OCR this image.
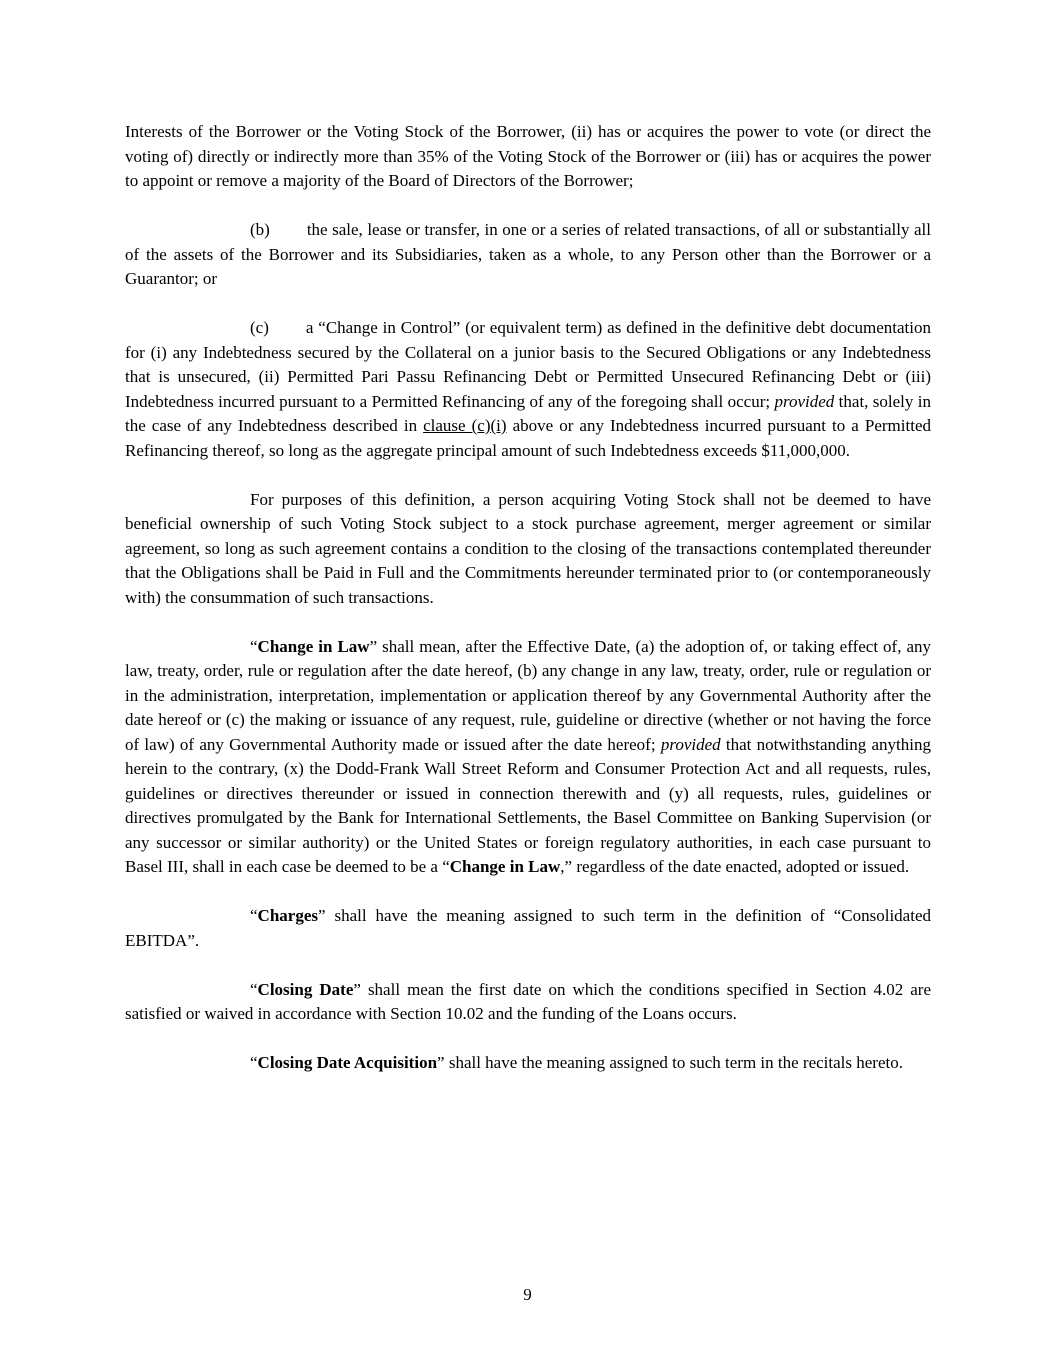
Interests of the Borrower or the Voting Stock of the Borrower, (ii) has or acquires the power to vote (or direct the voting of) directly or indirectly more than 35% of the Voting Stock of the Borrower or (iii) has or acquires the power to appoint or remove a majority of the Board of Directors of the Borrower;

(b) the sale, lease or transfer, in one or a series of related transactions, of all or substantially all of the assets of the Borrower and its Subsidiaries, taken as a whole, to any Person other than the Borrower or a Guarantor; or

(c) a “Change in Control” (or equivalent term) as defined in the definitive debt documentation for (i) any Indebtedness secured by the Collateral on a junior basis to the Secured Obligations or any Indebtedness that is unsecured, (ii) Permitted Pari Passu Refinancing Debt or Permitted Unsecured Refinancing Debt or (iii) Indebtedness incurred pursuant to a Permitted Refinancing of any of the foregoing shall occur; provided that, solely in the case of any Indebtedness described in clause (c)(i) above or any Indebtedness incurred pursuant to a Permitted Refinancing thereof, so long as the aggregate principal amount of such Indebtedness exceeds $11,000,000.

For purposes of this definition, a person acquiring Voting Stock shall not be deemed to have beneficial ownership of such Voting Stock subject to a stock purchase agreement, merger agreement or similar agreement, so long as such agreement contains a condition to the closing of the transactions contemplated thereunder that the Obligations shall be Paid in Full and the Commitments hereunder terminated prior to (or contemporaneously with) the consummation of such transactions.

“Change in Law” shall mean, after the Effective Date, (a) the adoption of, or taking effect of, any law, treaty, order, rule or regulation after the date hereof, (b) any change in any law, treaty, order, rule or regulation or in the administration, interpretation, implementation or application thereof by any Governmental Authority after the date hereof or (c) the making or issuance of any request, rule, guideline or directive (whether or not having the force of law) of any Governmental Authority made or issued after the date hereof; provided that notwithstanding anything herein to the contrary, (x) the Dodd-Frank Wall Street Reform and Consumer Protection Act and all requests, rules, guidelines or directives thereunder or issued in connection therewith and (y) all requests, rules, guidelines or directives promulgated by the Bank for International Settlements, the Basel Committee on Banking Supervision (or any successor or similar authority) or the United States or foreign regulatory authorities, in each case pursuant to Basel III, shall in each case be deemed to be a “Change in Law,” regardless of the date enacted, adopted or issued.

“Charges” shall have the meaning assigned to such term in the definition of “Consolidated EBITDA”.

“Closing Date” shall mean the first date on which the conditions specified in Section 4.02 are satisfied or waived in accordance with Section 10.02 and the funding of the Loans occurs.

“Closing Date Acquisition” shall have the meaning assigned to such term in the recitals hereto.

9
